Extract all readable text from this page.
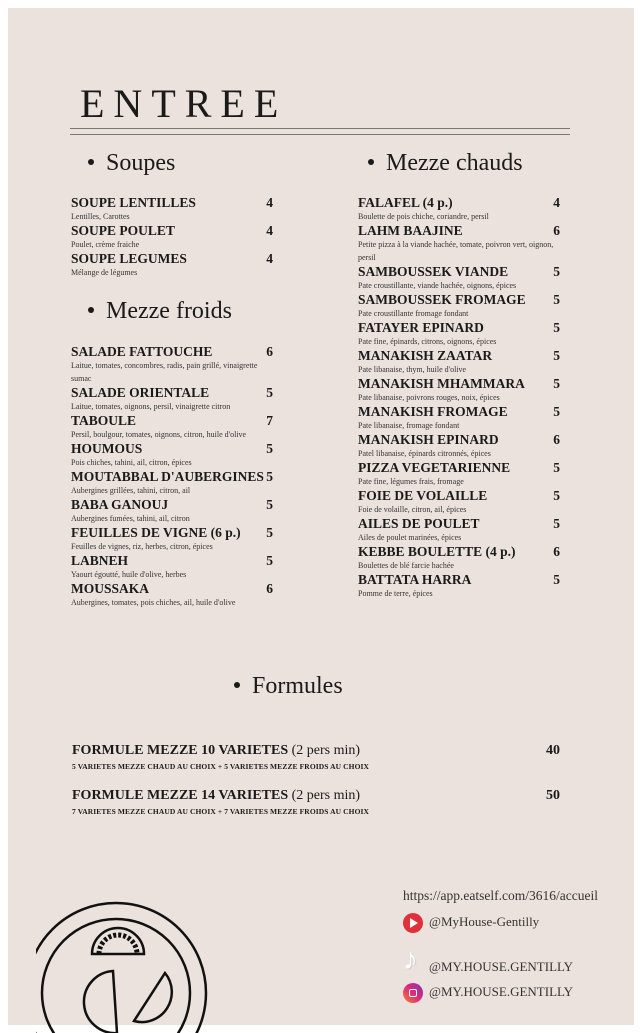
ENTREE
Soupes
SOUPE LENTILLES	4
Lentilles, Carottes
SOUPE POULET	4
Poulet, crème fraiche
SOUPE LEGUMES	4
Mélange de légumes
Mezze froids
SALADE FATTOUCHE	6
Laitue, tomates, concombres, radis, pain grillé, vinaigrette sumac
SALADE ORIENTALE	5
Laitue, tomates, oignons, persil, vinaigrette citron
TABOULE	7
Persil, boulgour, tomates, oignons, citron, huile d'olive
HOUMOUS	5
Pois chiches, tahini, ail, citron, épices
MOUTABBAL D'AUBERGINES 5
Aubergines grillées, tahini, citron, ail
BABA GANOUJ	5
Aubergines fumées, tahini, ail, citron
FEUILLES DE VIGNE (6 p.) 5
Feuilles de vignes, riz, herbes, citron, épices
LABNEH	5
Yaourt égoutté, huile d'olive, herbes
MOUSSAKA	6
Aubergines, tomates, pois chiches, ail, huile d'olive
Mezze chauds
FALAFEL (4 p.)	4
Boulette de pois chiche, coriandre, persil
LAHM BAAJINE	6
Petite pizza à la viande hachée, tomate, poivron vert, oignon, persil
SAMBOUSSEK VIANDE	5
Pate croustillante, viande hachée, oignons, épices
SAMBOUSSEK FROMAGE 5
Pate croustillante fromage fondant
FATAYER EPINARD	5
Pate fine, épinards, citrons, oignons, épices
MANAKISH ZAATAR	5
Pate libanaise, thym, huile d'olive
MANAKISH MHAMMARA 5
Pate libanaise, poivrons rouges, noix, épices
MANAKISH FROMAGE	5
Pate libanaise, fromage fondant
MANAKISH EPINARD	6
Patel libanaise, épinards citronnés, épices
PIZZA VEGETARIENNE	5
Pate fine, légumes frais, fromage
FOIE DE VOLAILLE	5
Foie de volaille, citron, ail, épices
AILES DE POULET	5
Ailes de poulet marinées, épices
KEBBE BOULETTE (4 p.)	6
Boulettes de blé farcie hachée
BATTATA HARRA	5
Pomme de terre, épices
Formules
FORMULE MEZZE 10 VARIETES (2 pers min)	40
5 VARIETES MEZZE CHAUD AU CHOIX + 5 VARIETES MEZZE FROIDS AU CHOIX
FORMULE MEZZE 14 VARIETES (2 pers min)	50
7 VARIETES MEZZE CHAUD AU CHOIX + 7 VARIETES MEZZE FROIDS AU CHOIX
https://app.eatself.com/3616/accueil
@MyHouse-Gentilly
♪ @MY.HOUSE.GENTILLY
@MY.HOUSE.GENTILLY
